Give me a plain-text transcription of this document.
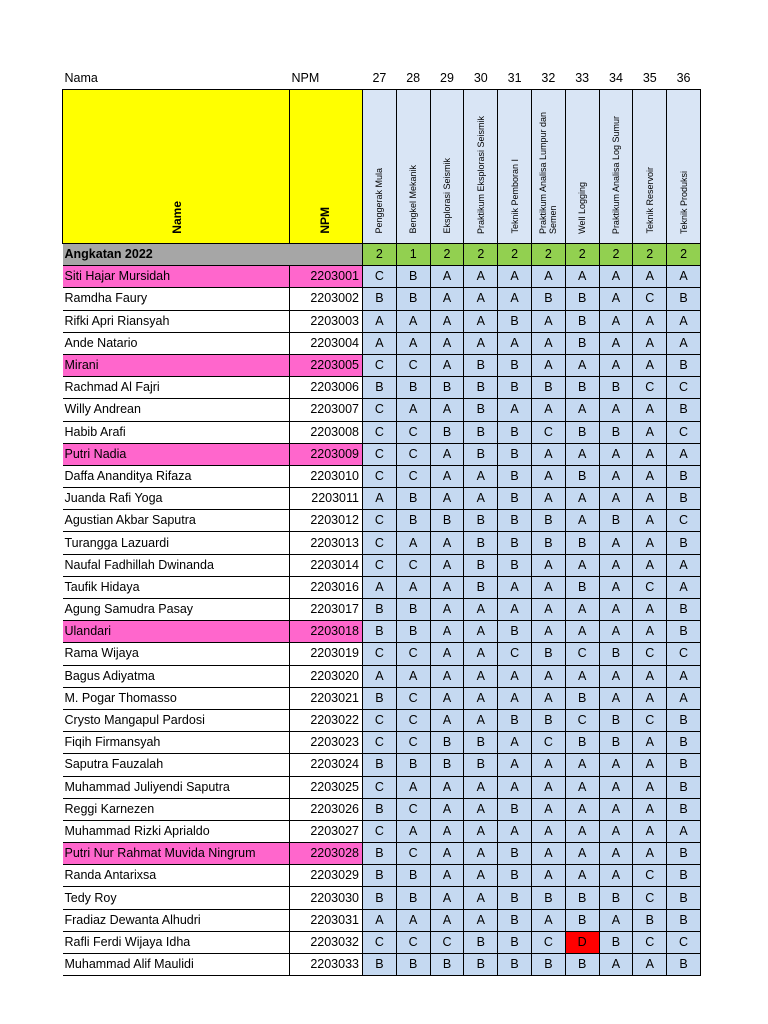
Nama	NPM	27	28	29	30	31	32	33	34	35	36
Name	NPM	Penggerak Mula	Bengkel Mekanik	Eksplorasi Seismik	Praktikum Eksplorasi Seismik	Teknik Pemboran I	Praktikum Analisa Lumpur dan Semen	Well Logging	Praktikum Analisa Log Sumur	Teknik Reservoir	Teknik Produksi
Angkatan 2022		2	1	2	2	2	2	2	2	2	2
Siti Hajar Mursidah	2203001	C	B	A	A	A	A	A	A	A	A
Ramdha Faury	2203002	B	B	A	A	A	B	B	A	C	B
Rifki Apri Riansyah	2203003	A	A	A	A	B	A	B	A	A	A
Ande Natario	2203004	A	A	A	A	A	A	B	A	A	A
Mirani	2203005	C	C	A	B	B	A	A	A	A	B
Rachmad Al Fajri	2203006	B	B	B	B	B	B	B	B	C	C
Willy Andrean	2203007	C	A	A	B	A	A	A	A	A	B
Habib Arafi	2203008	C	C	B	B	B	C	B	B	A	C
Putri Nadia	2203009	C	C	A	B	B	A	A	A	A	A
Daffa Ananditya Rifaza	2203010	C	C	A	A	B	A	B	A	A	B
Juanda Rafi Yoga	2203011	A	B	A	A	B	A	A	A	A	B
Agustian Akbar Saputra	2203012	C	B	B	B	B	B	A	B	A	C
Turangga Lazuardi	2203013	C	A	A	B	B	B	B	A	A	B
Naufal Fadhillah Dwinanda	2203014	C	C	A	B	B	A	A	A	A	A
Taufik Hidaya	2203016	A	A	A	B	A	A	B	A	C	A
Agung Samudra Pasay	2203017	B	B	A	A	A	A	A	A	A	B
Ulandari	2203018	B	B	A	A	B	A	A	A	A	B
Rama Wijaya	2203019	C	C	A	A	C	B	C	B	C	C
Bagus Adiyatma	2203020	A	A	A	A	A	A	A	A	A	A
M. Pogar Thomasso	2203021	B	C	A	A	A	A	B	A	A	A
Crysto Mangapul Pardosi	2203022	C	C	A	A	B	B	C	B	C	B
Fiqih Firmansyah	2203023	C	C	B	B	A	C	B	B	A	B
Saputra Fauzalah	2203024	B	B	B	B	A	A	A	A	A	B
Muhammad Juliyendi Saputra	2203025	C	A	A	A	A	A	A	A	A	B
Reggi Karnezen	2203026	B	C	A	A	B	A	A	A	A	B
Muhammad Rizki Aprialdo	2203027	C	A	A	A	A	A	A	A	A	A
Putri Nur Rahmat Muvida Ningrum	2203028	B	C	A	A	B	A	A	A	A	B
Randa Antarixsa	2203029	B	B	A	A	B	A	A	A	C	B
Tedy Roy	2203030	B	B	A	A	B	B	B	B	C	B
Fradiaz Dewanta Alhudri	2203031	A	A	A	A	B	A	B	A	B	B
Rafli Ferdi Wijaya Idha	2203032	C	C	C	B	B	C	D	B	C	C
Muhammad Alif Maulidi	2203033	B	B	B	B	B	B	B	A	A	B
